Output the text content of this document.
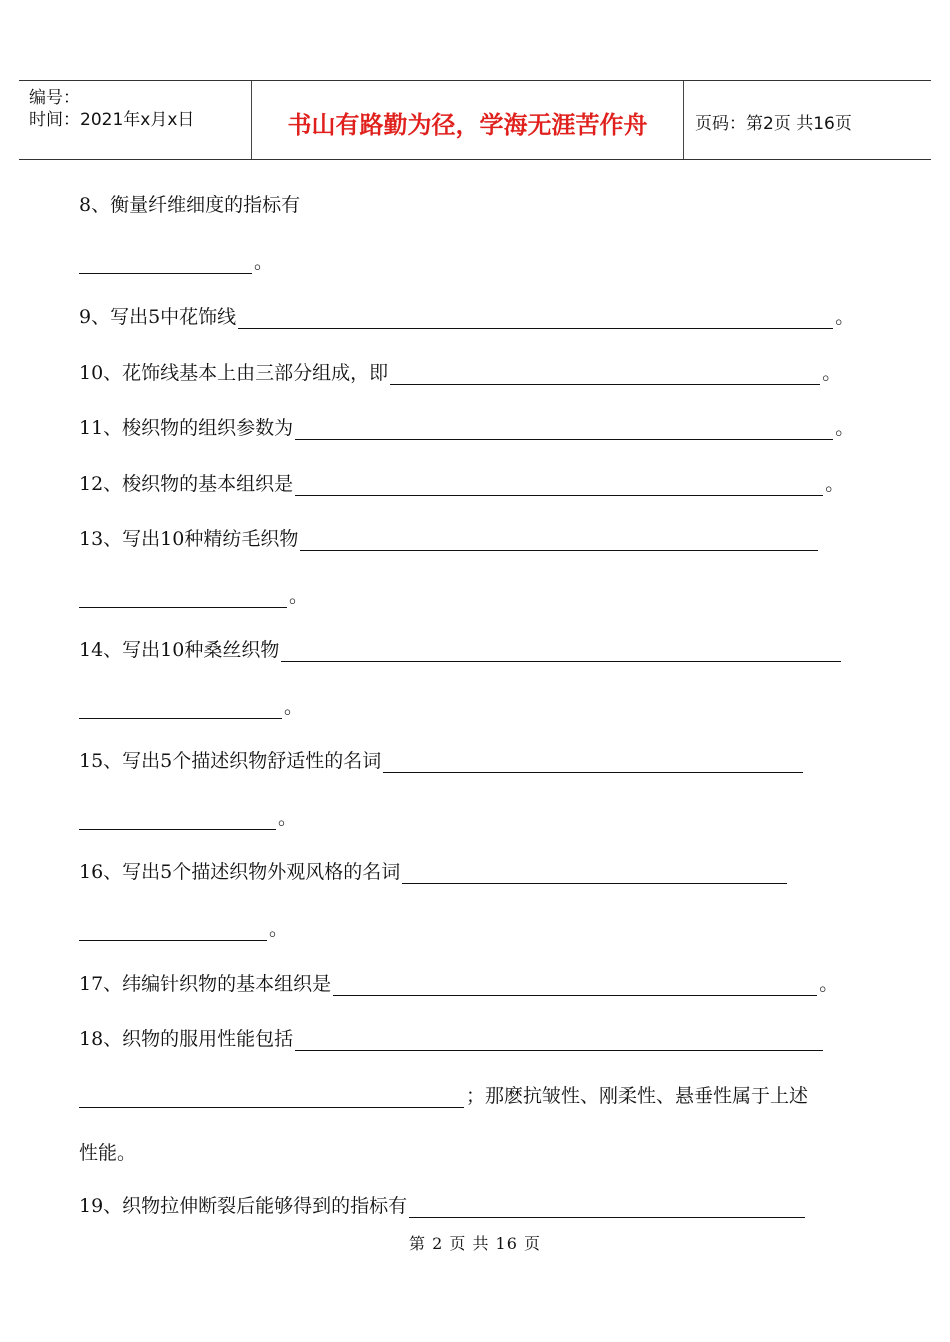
编号：
时间：2021年x月x日	书山有路勤为径，学海无涯苦作舟	页码：第2页 共16页
8、衡量纤维细度的指标有
。
9、写出5中花饰线	。
10、花饰线基本上由三部分组成，即	。
11、梭织物的组织参数为	。
12、梭织物的基本组织是	。
13、写出10种精纺毛织物
。
14、写出10种桑丝织物
。
15、写出5个描述织物舒适性的名词
。
16、写出5个描述织物外观风格的名词
。
17、纬编针织物的基本组织是	。
18、织物的服用性能包括
；那麽抗皱性、刚柔性、悬垂性属于上述
性能。
19、织物拉伸断裂后能够得到的指标有
第 2 页 共 16 页
